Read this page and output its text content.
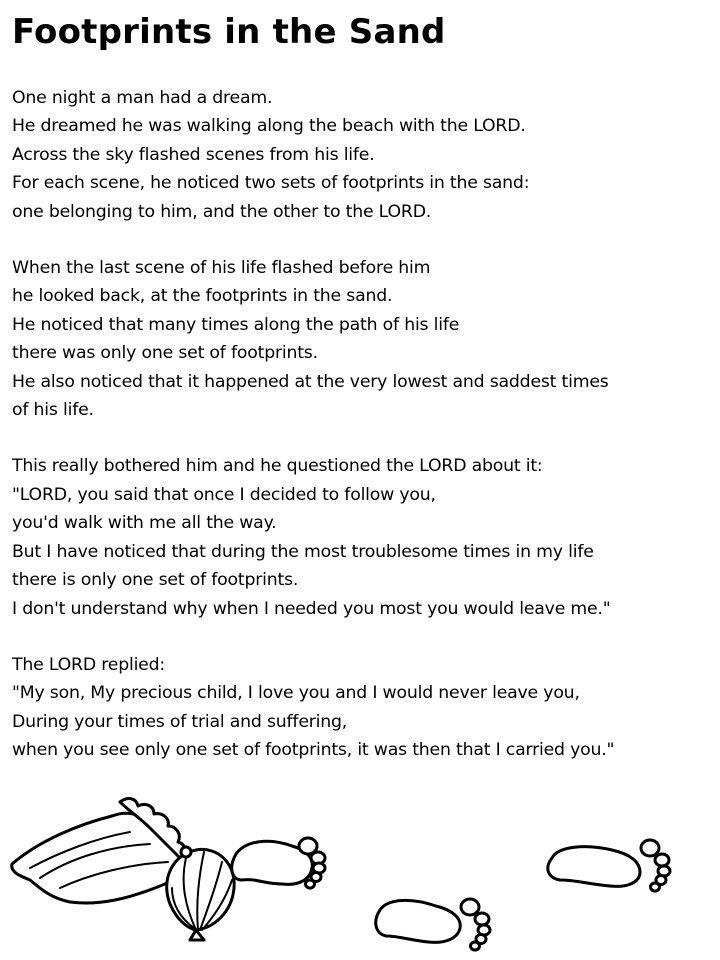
Footprints in the Sand

One night a man had a dream.
He dreamed he was walking along the beach with the LORD.
Across the sky flashed scenes from his life.
For each scene, he noticed two sets of footprints in the sand:
one belonging to him, and the other to the LORD.

When the last scene of his life flashed before him
he looked back, at the footprints in the sand.
He noticed that many times along the path of his life
there was only one set of footprints.
He also noticed that it happened at the very lowest and saddest times
of his life.

This really bothered him and he questioned the LORD about it:
"LORD, you said that once I decided to follow you,
you'd walk with me all the way.
But I have noticed that during the most troublesome times in my life
there is only one set of footprints.
I don't understand why when I needed you most you would leave me."

The LORD replied:
"My son, My precious child, I love you and I would never leave you,
During your times of trial and suffering,
when you see only one set of footprints, it was then that I carried you."
